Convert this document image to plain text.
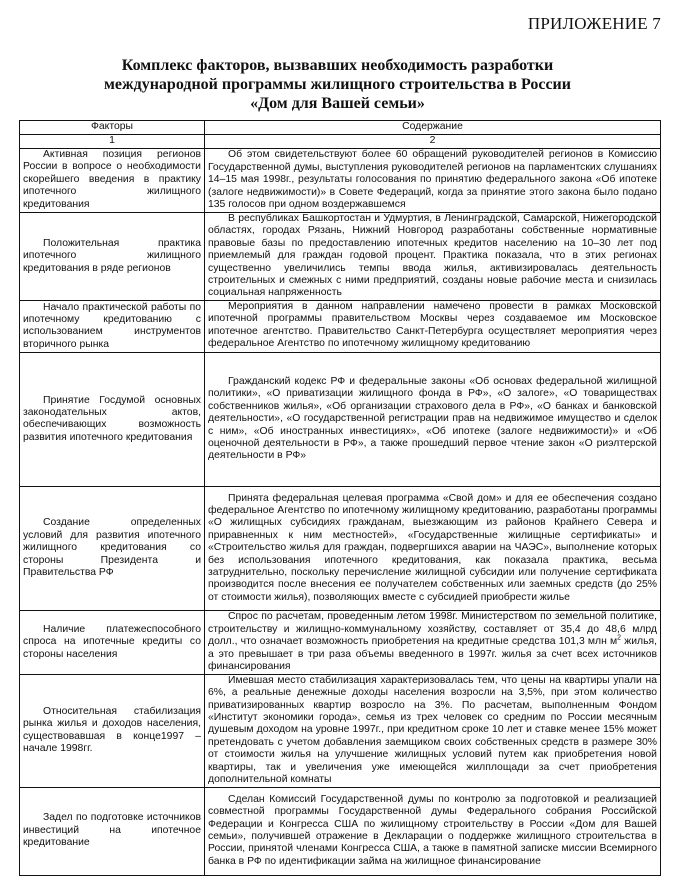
ПРИЛОЖЕНИЕ 7
Комплекс факторов, вызвавших необходимость разработки
международной программы жилищного строительства в России
«Дом для Вашей семьи»
Факторы	Содержание
1	2
Активная позиция регионов России в вопросе о необходимости скорейшего введения в практику ипотечного жилищного кредитования	Об этом свидетельствуют более 60 обращений руководителей регионов в Комиссию Государственной думы, выступления руководителей регионов на парламентских слушаниях 14–15 мая 1998г., результаты голосования по принятию федерального закона «Об ипотеке (залоге недвижимости)» в Совете Федераций, когда за принятие этого закона было подано 135 голосов при одном воздержавшемся
Положительная практика ипотечного жилищного кредитования в ряде регионов	В республиках Башкортостан и Удмуртия, в Ленинградской, Самарской, Нижегородской областях, городах Рязань, Нижний Новгород разработаны собственные нормативные правовые базы по предоставлению ипотечных кредитов населению на 10–30 лет под приемлемый для граждан годовой процент. Практика показала, что в этих регионах существенно увеличились темпы ввода жилья, активизировалась деятельность строительных и смежных с ними предприятий, созданы новые рабочие места и снизилась социальная напряженность
Начало практической работы по ипотечному кредитованию с использованием инструментов вторичного рынка	Мероприятия в данном направлении намечено провести в рамках Московской ипотечной программы правительством Москвы через создаваемое им Московское ипотечное агентство. Правительство Санкт-Петербурга осуществляет мероприятия через федеральное Агентство по ипотечному жилищному кредитованию
Принятие Госдумой основных законодательных актов, обеспечивающих возможность развития ипотечного кредитования	Гражданский кодекс РФ и федеральные законы «Об основах федеральной жилищной политики», «О приватизации жилищного фонда в РФ», «О залоге», «О товариществах собственников жилья», «Об организации страхового дела в РФ», «О банках и банковской деятельности», «О государственной регистрации прав на недвижимое имущество и сделок с ним», «Об иностранных инвестициях», «Об ипотеке (залоге недвижимости)» и «Об оценочной деятельности в РФ», а также прошедший первое чтение закон «О риэлтерской деятельности в РФ»
Создание определенных условий для развития ипотечного жилищного кредитования со стороны Президента и Правительства РФ	Принята федеральная целевая программа «Свой дом» и для ее обеспечения создано федеральное Агентство по ипотечному жилищному кредитованию, разработаны программы «О жилищных субсидиях гражданам, выезжающим из районов Крайнего Севера и приравненных к ним местностей», «Государственные жилищные сертификаты» и «Строительство жилья для граждан, подвергшихся аварии на ЧАЭС», выполнение которых без использования ипотечного кредитования, как показала практика, весьма затруднительно, поскольку перечисление жилищной субсидии или получение сертификата производится после внесения ее получателем собственных или заемных средств (до 25% от стоимости жилья), позволяющих вместе с субсидией приобрести жилье
Наличие платежеспособного спроса на ипотечные кредиты со стороны населения	Спрос по расчетам, проведенным летом 1998г. Министерством по земельной политике, строительству и жилищно-коммунальному хозяйству, составляет от 35,4 до 48,6 млрд долл., что означает возможность приобретения на кредитные средства 101,3 млн $м^2$ жилья, а это превышает в три раза объемы введенного в 1997г. жилья за счет всех источников финансирования
Относительная стабилизация рынка жилья и доходов населения, существовавшая в конце1997 – начале 1998гг.	Имевшая место стабилизация характеризовалась тем, что цены на квартиры упали на 6%, а реальные денежные доходы населения возросли на 3,5%, при этом количество приватизированных квартир возросло на 3%. По расчетам, выполненным Фондом «Институт экономики города», семья из трех человек со средним по России месячным душевым доходом на уровне 1997г., при кредитном сроке 10 лет и ставке менее 15% может претендовать с учетом добавления заемщиком своих собственных средств в размере 30% от стоимости жилья на улучшение жилищных условий путем как приобретения новой квартиры, так и увеличения уже имеющейся жилплощади за счет приобретения дополнительной комнаты
Задел по подготовке источников инвестиций на ипотечное кредитование	Сделан Комиссий Государственной думы по контролю за подготовкой и реализацией совместной программы Государственной думы Федерального собрания Российской Федерации и Конгресса США по жилищному строительству в России «Дом для Вашей семьи», получившей отражение в Декларации о поддержке жилищного строительства в России, принятой членами Конгресса США, а также в памятной записке миссии Всемирного банка в РФ по идентификации займа на жилищное финансирование
